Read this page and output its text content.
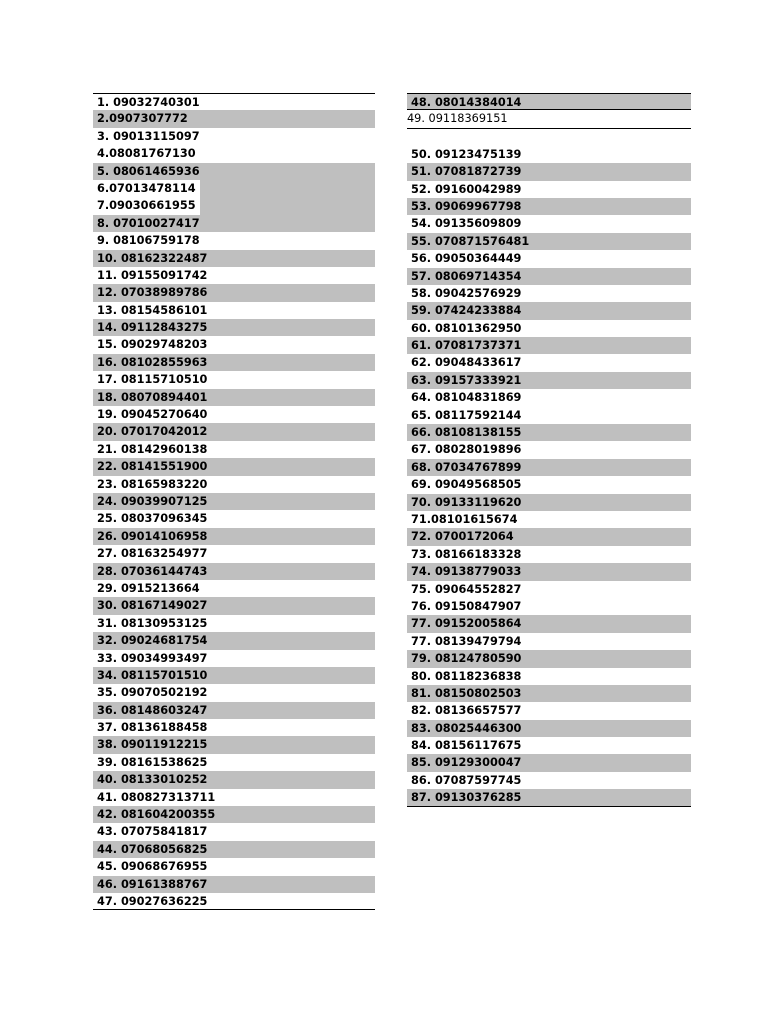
1. 09032740301
2.0907307772
3. 09013115097
4.08081767130
5. 08061465936
6.07013478114
7.09030661955
8. 07010027417
9. 08106759178
10. 08162322487
11. 09155091742
12. 07038989786
13. 08154586101
14. 09112843275
15. 09029748203
16. 08102855963
17. 08115710510
18. 08070894401
19. 09045270640
20. 07017042012
21. 08142960138
22. 08141551900
23. 08165983220
24. 09039907125
25. 08037096345
26. 09014106958
27. 08163254977
28. 07036144743
29. 0915213664
30. 08167149027
31. 08130953125
32. 09024681754
33. 09034993497
34. 08115701510
35. 09070502192
36. 08148603247
37. 08136188458
38. 09011912215
39. 08161538625
40. 08133010252
41. 080827313711
42. 081604200355
43. 07075841817
44. 07068056825
45. 09068676955
46. 09161388767
47. 09027636225
48. 08014384014
49. 09118369151
50. 09123475139
51. 07081872739
52. 09160042989
53. 09069967798
54. 09135609809
55. 070871576481
56. 09050364449
57. 08069714354
58. 09042576929
59. 07424233884
60. 08101362950
61. 07081737371
62. 09048433617
63. 09157333921
64. 08104831869
65. 08117592144
66. 08108138155
67. 08028019896
68. 07034767899
69. 09049568505
70. 09133119620
71.08101615674
72. 0700172064
73. 08166183328
74. 09138779033
75. 09064552827
76. 09150847907
77. 09152005864
77. 08139479794
79. 08124780590
80. 08118236838
81. 08150802503
82. 08136657577
83. 08025446300
84. 08156117675
85. 09129300047
86. 07087597745
87. 09130376285
